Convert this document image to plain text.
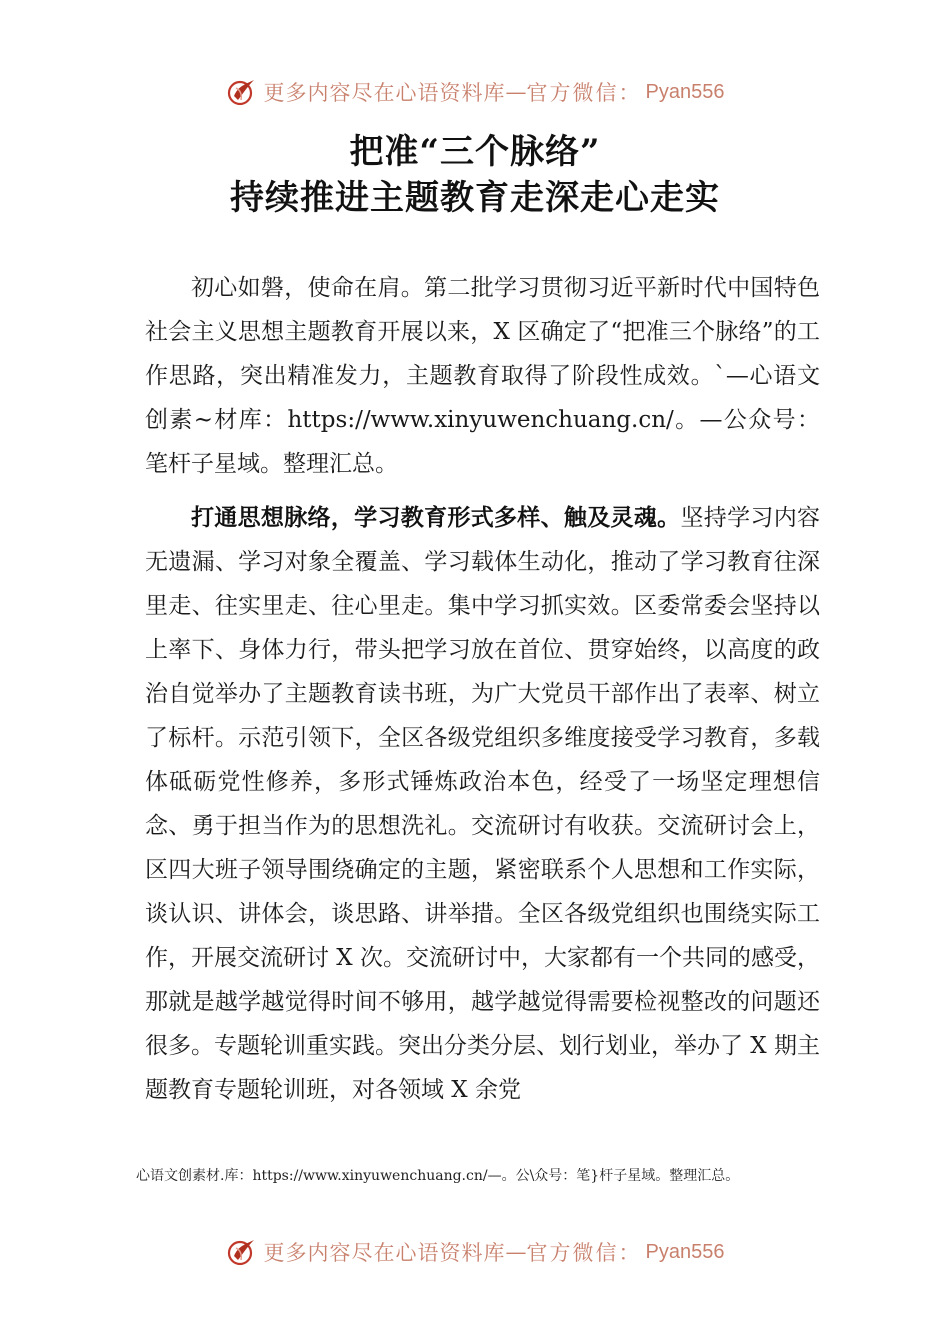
更多内容尽在心语资料库 — 官方微信： Pyan556
把准“三个脉络”
持续推进主题教育走深走心走实

初心如磐，使命在肩。第二批学习贯彻习近平新时代中国特色社会主义思想主题教育开展以来，X 区确定了“把准三个脉络”的工作思路，突出精准发力，主题教育取得了阶段性成效。`—心语文创素~材库：https://www.xinyuwenchuang.cn/。—公众号：笔杆子星域。整理汇总。

打通思想脉络，学习教育形式多样、触及灵魂。坚持学习内容无遗漏、学习对象全覆盖、学习载体生动化，推动了学习教育往深里走、往实里走、往心里走。集中学习抓实效。区委常委会坚持以上率下、身体力行，带头把学习放在首位、贯穿始终，以高度的政治自觉举办了主题教育读书班，为广大党员干部作出了表率、树立了标杆。示范引领下，全区各级党组织多维度接受学习教育，多载体砥砺党性修养，多形式锤炼政治本色，经受了一场坚定理想信念、勇于担当作为的思想洗礼。交流研讨有收获。交流研讨会上，区四大班子领导围绕确定的主题，紧密联系个人思想和工作实际，谈认识、讲体会，谈思路、讲举措。全区各级党组织也围绕实际工作，开展交流研讨 X 次。交流研讨中，大家都有一个共同的感受，那就是越学越觉得时间不够用，越学越觉得需要检视整改的问题还很多。专题轮训重实践。突出分类分层、划行划业，举办了 X 期主题教育专题轮训班，对各领域 X 余党

心语文创素材.库：https://www.xinyuwenchuang.cn/—。公\众号：笔}杆子星域。整理汇总。

更多内容尽在心语资料库 — 官方微信： Pyan556
